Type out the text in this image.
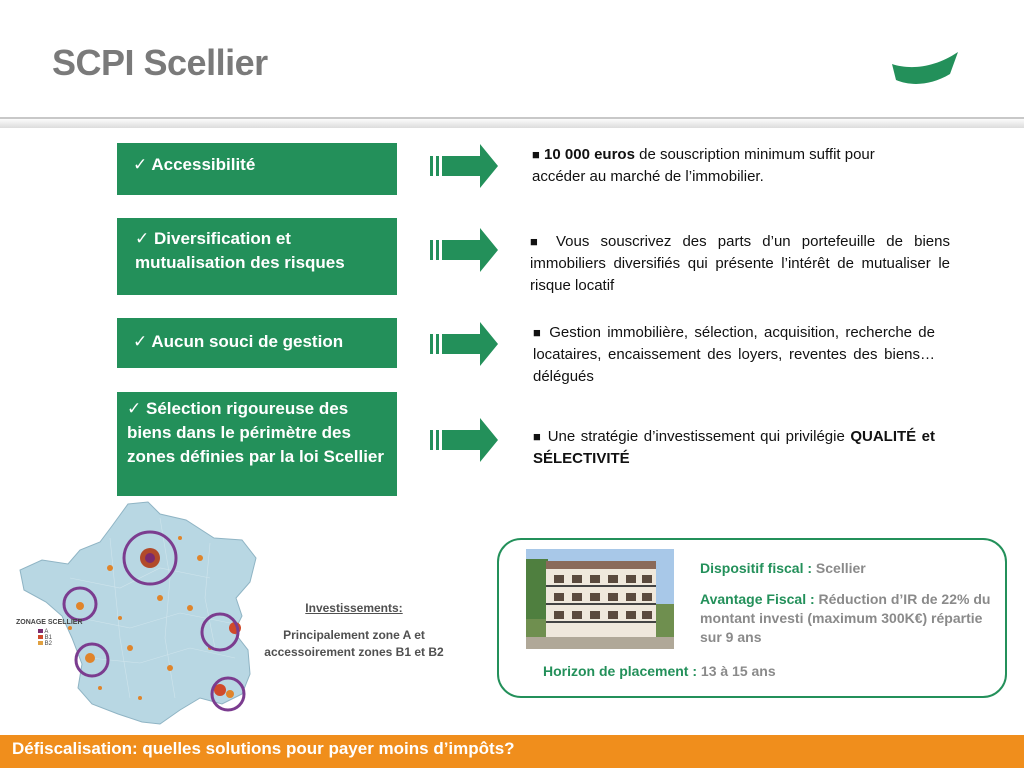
SCPI Scellier
✓ Accessibilité
✓ Diversification et mutualisation des risques
✓ Aucun souci de gestion
✓ Sélection rigoureuse des biens dans le périmètre des zones définies par la loi Scellier
■ 10 000 euros de souscription minimum suffit pour accéder au marché de l’immobilier.
■ Vous souscrivez des parts d’un portefeuille de biens immobiliers diversifiés qui présente l’intérêt de mutualiser le risque locatif
■ Gestion immobilière, sélection, acquisition, recherche de locataires, encaissement des loyers, reventes des biens… délégués
■ Une stratégie d’investissement qui privilégie QUALITÉ et SÉLECTIVITÉ
ZONAGE SCELLIER
A
B1
B2
Investissements:
Principalement zone A et accessoirement zones B1 et B2
Dispositif fiscal : Scellier
Avantage Fiscal : Réduction d’IR de 22% du montant investi (maximum 300K€) répartie sur 9 ans
Horizon de placement : 13 à 15 ans
Défiscalisation: quelles solutions pour payer moins d’impôts?
